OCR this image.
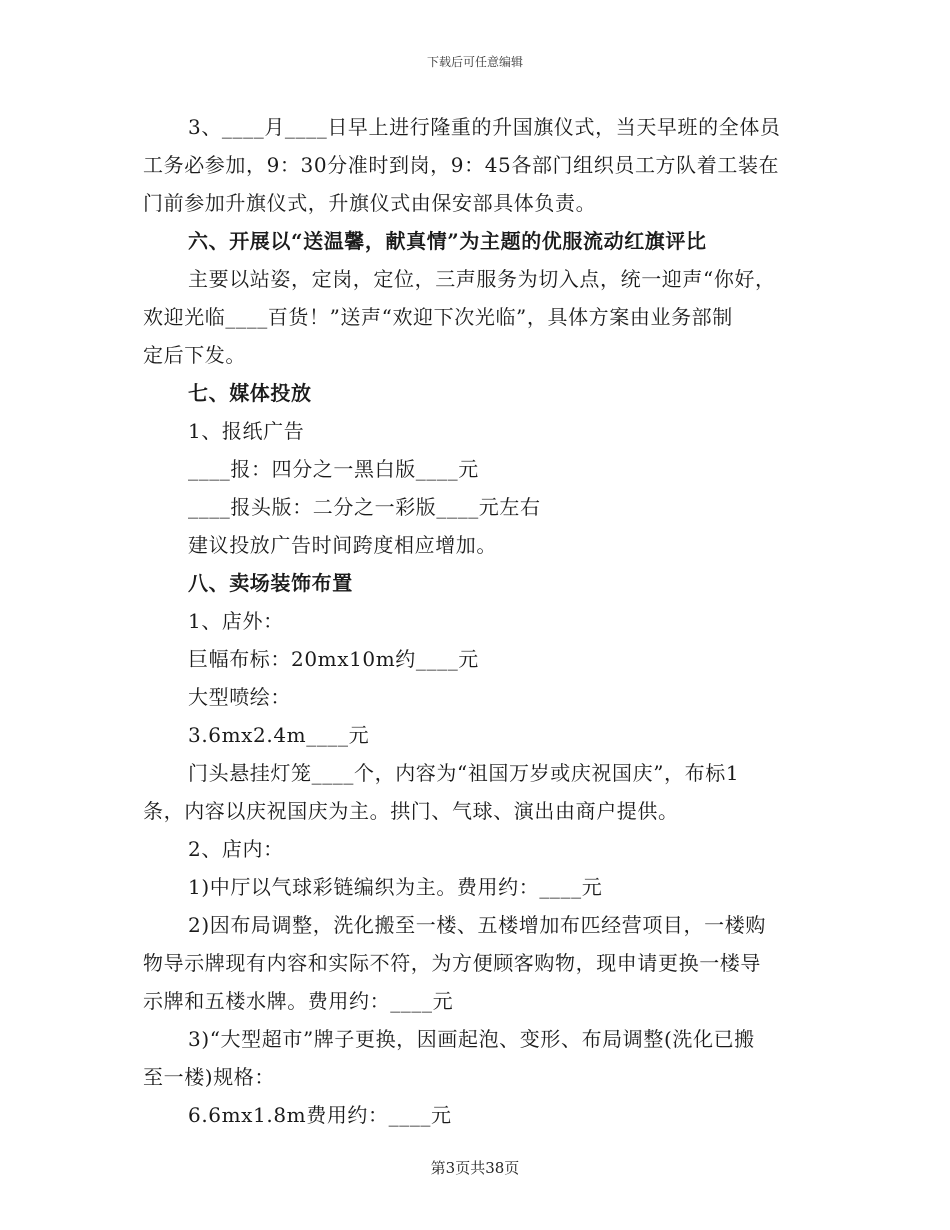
下载后可任意编辑
3、____月____日早上进行隆重的升国旗仪式，当天早班的全体员
工务必参加，9：30分准时到岗，9：45各部门组织员工方队着工装在
门前参加升旗仪式，升旗仪式由保安部具体负责。
六、开展以“送温馨，献真情”为主题的优服流动红旗评比
主要以站姿，定岗，定位，三声服务为切入点，统一迎声“你好，
欢迎光临____百货！”送声“欢迎下次光临”，具体方案由业务部制
定后下发。
七、媒体投放
1、报纸广告
____报：四分之一黑白版____元
____报头版：二分之一彩版____元左右
建议投放广告时间跨度相应增加。
八、卖场装饰布置
1、店外：
巨幅布标：20mx10m约____元
大型喷绘：
3.6mx2.4m____元
门头悬挂灯笼____个，内容为“祖国万岁或庆祝国庆”，布标1
条，内容以庆祝国庆为主。拱门、气球、演出由商户提供。
2、店内：
1)中厅以气球彩链编织为主。费用约：____元
2)因布局调整，洗化搬至一楼、五楼增加布匹经营项目，一楼购
物导示牌现有内容和实际不符，为方便顾客购物，现申请更换一楼导
示牌和五楼水牌。费用约：____元
3)“大型超市”牌子更换，因画起泡、变形、布局调整(洗化已搬
至一楼)规格：
6.6mx1.8m费用约：____元
第3页共38页
